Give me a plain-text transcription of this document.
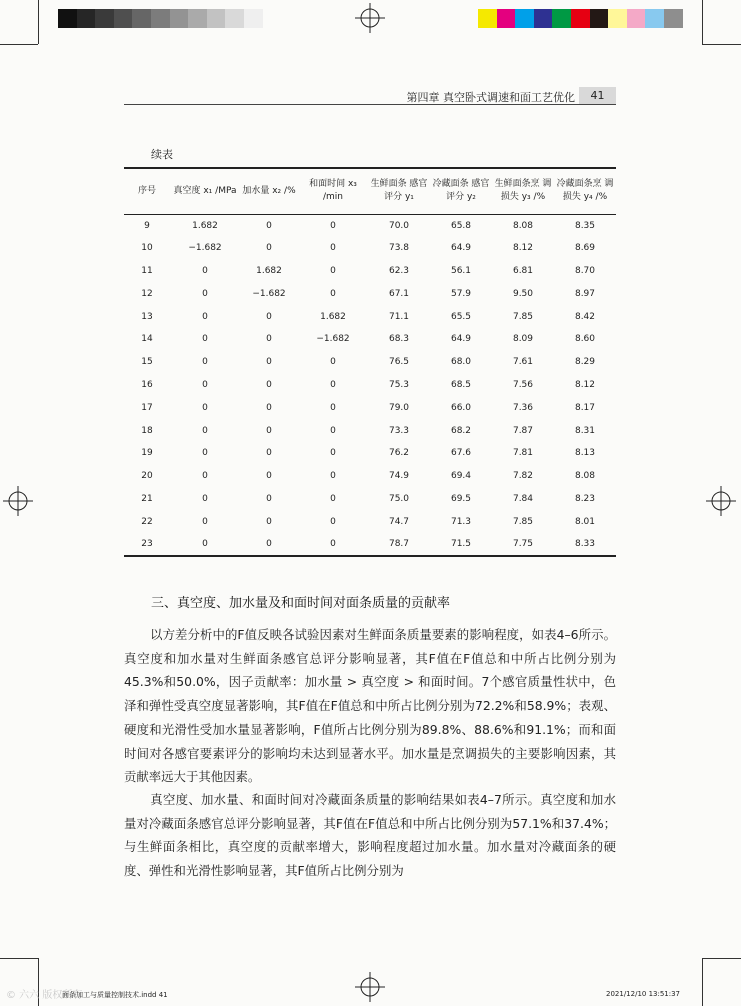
第四章 真空卧式调速和面工艺优化	41
续表
序号	真空度 x₁ /MPa	加水量 x₂ /%	和面时间 x₃ /min	生鲜面条 感官评分 y₁	冷藏面条 感官评分 y₂	生鲜面条烹 调损失 y₃ /%	冷藏面条烹 调损失 y₄ /%
9	1.682	0	0	70.0	65.8	8.08	8.35
10	−1.682	0	0	73.8	64.9	8.12	8.69
11	0	1.682	0	62.3	56.1	6.81	8.70
12	0	−1.682	0	67.1	57.9	9.50	8.97
13	0	0	1.682	71.1	65.5	7.85	8.42
14	0	0	−1.682	68.3	64.9	8.09	8.60
15	0	0	0	76.5	68.0	7.61	8.29
16	0	0	0	75.3	68.5	7.56	8.12
17	0	0	0	79.0	66.0	7.36	8.17
18	0	0	0	73.3	68.2	7.87	8.31
19	0	0	0	76.2	67.6	7.81	8.13
20	0	0	0	74.9	69.4	7.82	8.08
21	0	0	0	75.0	69.5	7.84	8.23
22	0	0	0	74.7	71.3	7.85	8.01
23	0	0	0	78.7	71.5	7.75	8.33
三、真空度、加水量及和面时间对面条质量的贡献率
以方差分析中的F值反映各试验因素对生鲜面条质量要素的影响程度，如表4–6所示。真空度和加水量对生鲜面条感官总评分影响显著，其F值在F值总和中所占比例分别为45.3%和50.0%，因子贡献率：加水量 > 真空度 > 和面时间。7个感官质量性状中，色泽和弹性受真空度显著影响，其F值在F值总和中所占比例分别为72.2%和58.9%；表观、硬度和光滑性受加水量显著影响，F值所占比例分别为89.8%、88.6%和91.1%；而和面时间对各感官要素评分的影响均未达到显著水平。加水量是烹调损失的主要影响因素，其贡献率远大于其他因素。
真空度、加水量、和面时间对冷藏面条质量的影响结果如表4–7所示。真空度和加水量对冷藏面条感官总评分影响显著，其F值在F值总和中所占比例分别为57.1%和37.4%；与生鲜面条相比，真空度的贡献率增大，影响程度超过加水量。加水量对冷藏面条的硬度、弹性和光滑性影响显著，其F值所占比例分别为
© 六六 版权所有
面条加工与质量控制技术.indd 41	2021/12/10 13:51:37
